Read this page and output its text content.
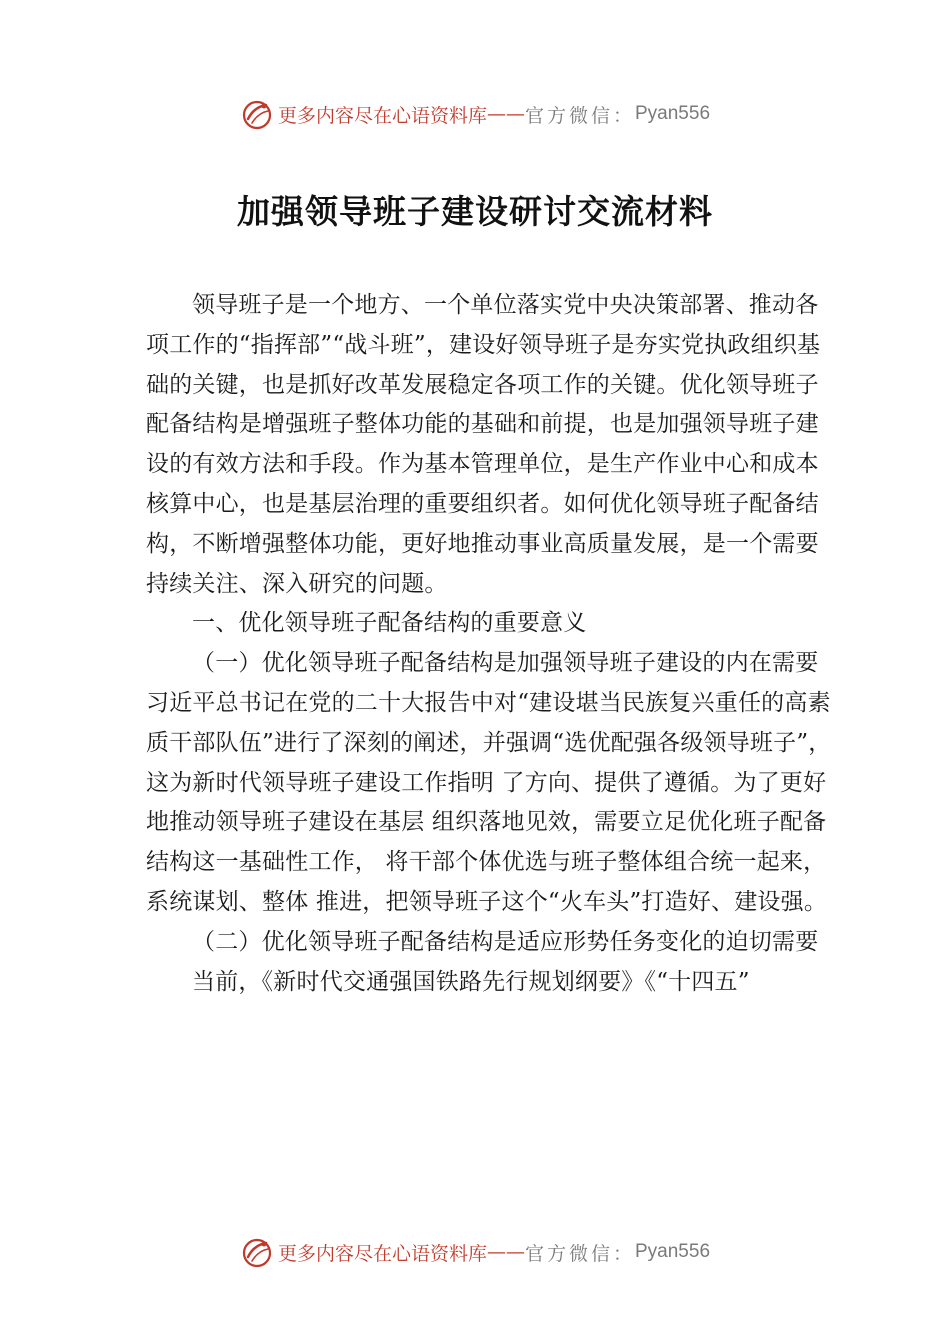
更多内容尽在心语资料库 —— 官方微信： Pyan556
加强领导班子建设研讨交流材料

领导班子是一个地方、一个单位落实党中央决策部署、推动各项工作的“指挥部”“战斗班”，建设好领导班子是夯实党执政组织基础的关键，也是抓好改革发展稳定各项工作的关键。优化领导班子配备结构是增强班子整体功能的基础和前提，也是加强领导班子建设的有效方法和手段。作为基本管理单位，是生产作业中心和成本核算中心，也是基层治理的重要组织者。如何优化领导班子配备结构，不断增强整体功能，更好地推动事业高质量发展，是一个需要持续关注、深入研究的问题。

一、优化领导班子配备结构的重要意义

（一）优化领导班子配备结构是加强领导班子建设的内在需要习近平总书记在党的二十大报告中对“建设堪当民族复兴重任的高素质干部队伍”进行了深刻的阐述，并强调“选优配强各级领导班子”，这为新时代领导班子建设工作指明 了方向、提供了遵循。为了更好地推动领导班子建设在基层 组织落地见效，需要立足优化班子配备结构这一基础性工作， 将干部个体优选与班子整体组合统一起来，系统谋划、整体 推进，把领导班子这个“火车头”打造好、建设强。

（二）优化领导班子配备结构是适应形势任务变化的迫切需要

当前，《新时代交通强国铁路先行规划纲要》《“十四五”

更多内容尽在心语资料库 —— 官方微信： Pyan556
